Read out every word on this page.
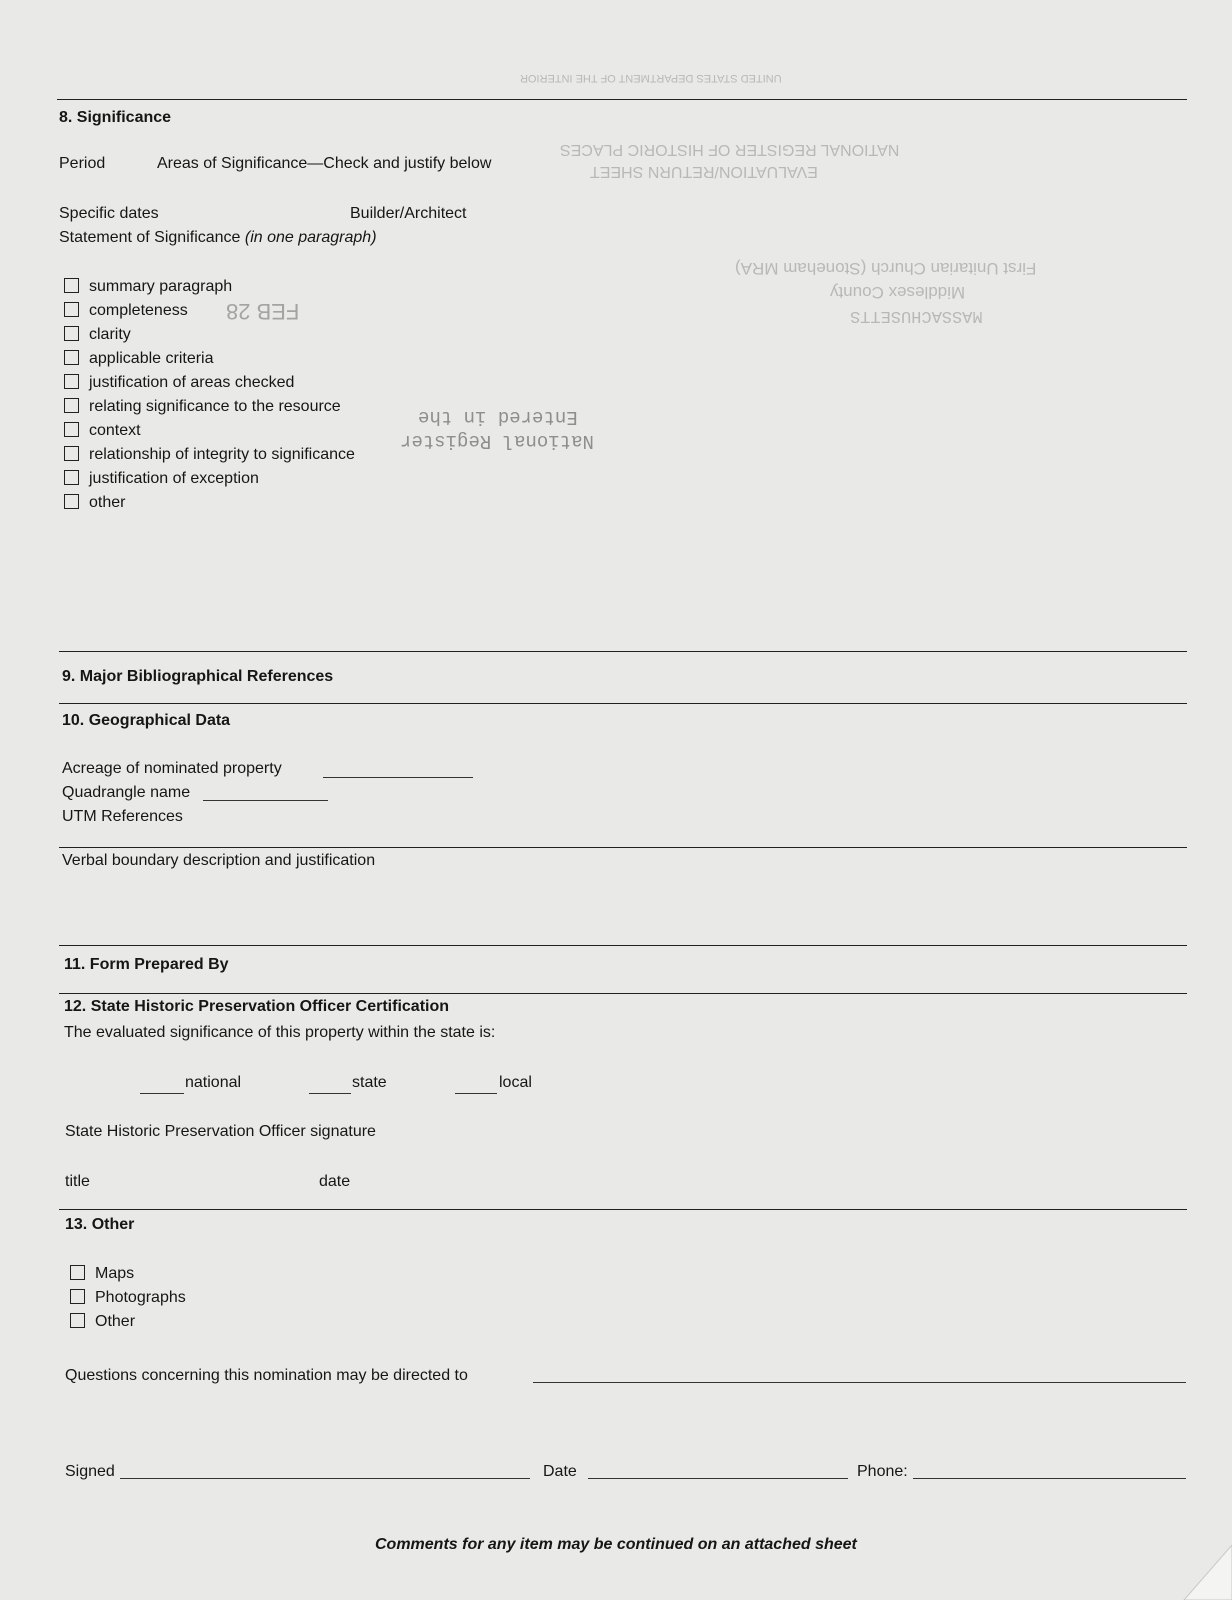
UNITED STATES DEPARTMENT OF THE INTERIOR
NATIONAL REGISTER OF HISTORIC PLACES
EVALUATION/RETURN SHEET
First Unitarian Church (Stoneham MRA)
Middlesex County
MASSACHUSETTS
Entered in the
National Register
FEB 28
8. Significance
Period	Areas of Significance—Check and justify below
Specific dates	Builder/Architect
Statement of Significance (in one paragraph)
summary paragraph
completeness
clarity
applicable criteria
justification of areas checked
relating significance to the resource
context
relationship of integrity to significance
justification of exception
other
9. Major Bibliographical References
10. Geographical Data
Acreage of nominated property
Quadrangle name
UTM References
Verbal boundary description and justification
11. Form Prepared By
12. State Historic Preservation Officer Certification
The evaluated significance of this property within the state is:
national	state	local
State Historic Preservation Officer signature
title	date
13. Other
Maps
Photographs
Other
Questions concerning this nomination may be directed to
Signed	Date	Phone:
Comments for any item may be continued on an attached sheet
